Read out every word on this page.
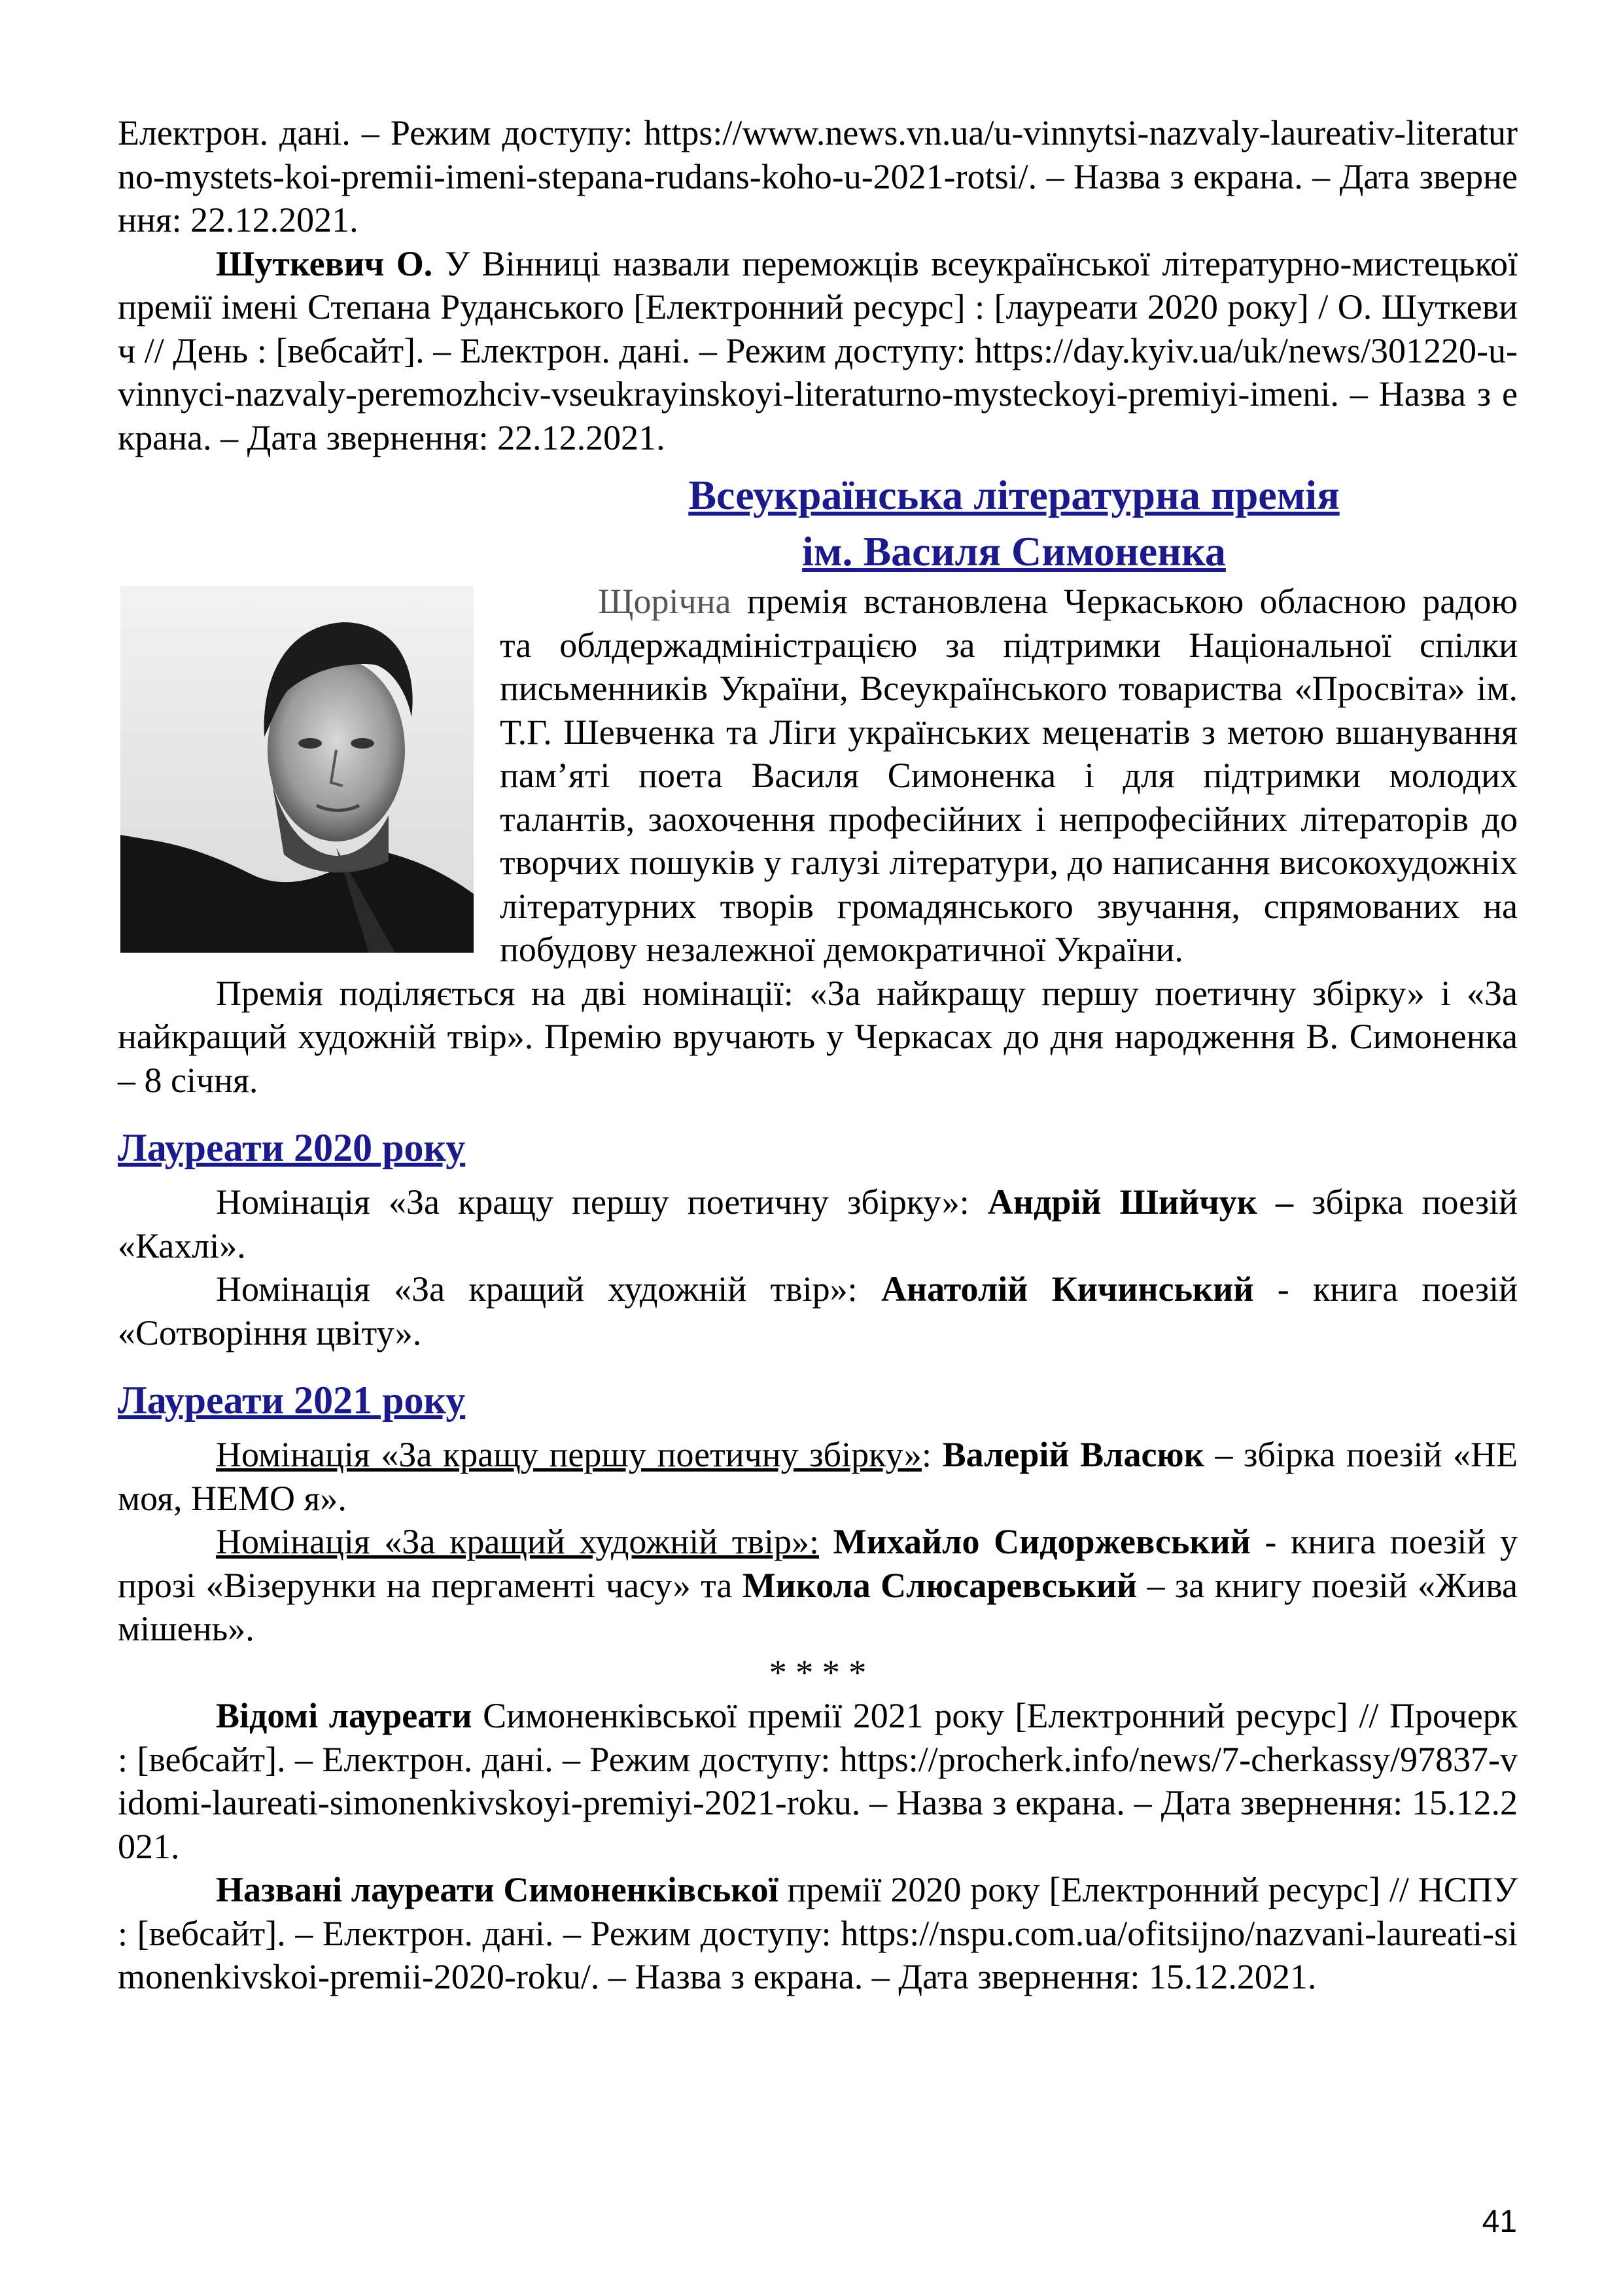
Електрон. дані. – Режим доступу: https://www.news.vn.ua/u-vinnytsi-nazvaly-laureativ-literaturno-mystets-koi-premii-imeni-stepana-rudans-koho-u-2021-rotsi/. – Назва з екрана. – Дата звернення: 22.12.2021.

Шуткевич О. У Вінниці назвали переможців всеукраїнської літературно-мистецької премії імені Степана Руданського [Електронний ресурс] : [лауреати 2020 року] / О. Шуткевич // День : [вебсайт]. – Електрон. дані. – Режим доступу: https://day.kyiv.ua/uk/news/301220-u-vinnyci-nazvaly-peremozhciv-vseukrayinskoyi-literaturno-mysteckoyi-premiyi-imeni. – Назва з екрана. – Дата звернення: 22.12.2021.

Всеукраїнська літературна премія
ім. Василя Симоненка

Щорічна премія встановлена Черкаською обласною радою та облдержадміністрацією за підтримки Національної спілки письменників України, Всеукраїнського товариства «Просвіта» ім. Т.Г. Шевченка та Ліги українських меценатів з метою вшанування пам’яті поета Василя Симоненка і для підтримки молодих талантів, заохочення професійних і непрофесійних літераторів до творчих пошуків у галузі літератури, до написання високохудожніх літературних творів громадянського звучання, спрямованих на побудову незалежної демократичної України.

Премія поділяється на дві номінації: «За найкращу першу поетичну збірку» і «За найкращий художній твір». Премію вручають у Черкасах до дня народження В. Симоненка – 8 січня.

Лауреати 2020 року

Номінація «За кращу першу поетичну збірку»: Андрій Шийчук – збірка поезій «Кахлі».

Номінація «За кращий художній твір»: Анатолій Кичинський - книга поезій «Сотворіння цвіту».

Лауреати 2021 року

Номінація «За кращу першу поетичну збірку»: Валерій Власюк – збірка поезій «НЕ моя, НЕМО я».

Номінація «За кращий художній твір»: Михайло Сидоржевський - книга поезій у прозі «Візерунки на пергаменті часу» та Микола Слюсаревський – за книгу поезій «Жива мішень».

* * * *

Відомі лауреати Симоненківської премії 2021 року [Електронний ресурс] // Прочерк : [вебсайт]. – Електрон. дані. – Режим доступу: https://procherk.info/news/7-cherkassy/97837-vidomi-laureati-simonenkivskoyi-premiyi-2021-roku. – Назва з екрана. – Дата звернення: 15.12.2021.

Названі лауреати Симоненківської премії 2020 року [Електронний ресурс] // НСПУ : [вебсайт]. – Електрон. дані. – Режим доступу: https://nspu.com.ua/ofitsijno/nazvani-laureati-simonenkivskoi-premii-2020-roku/. – Назва з екрана. – Дата звернення: 15.12.2021.

41
